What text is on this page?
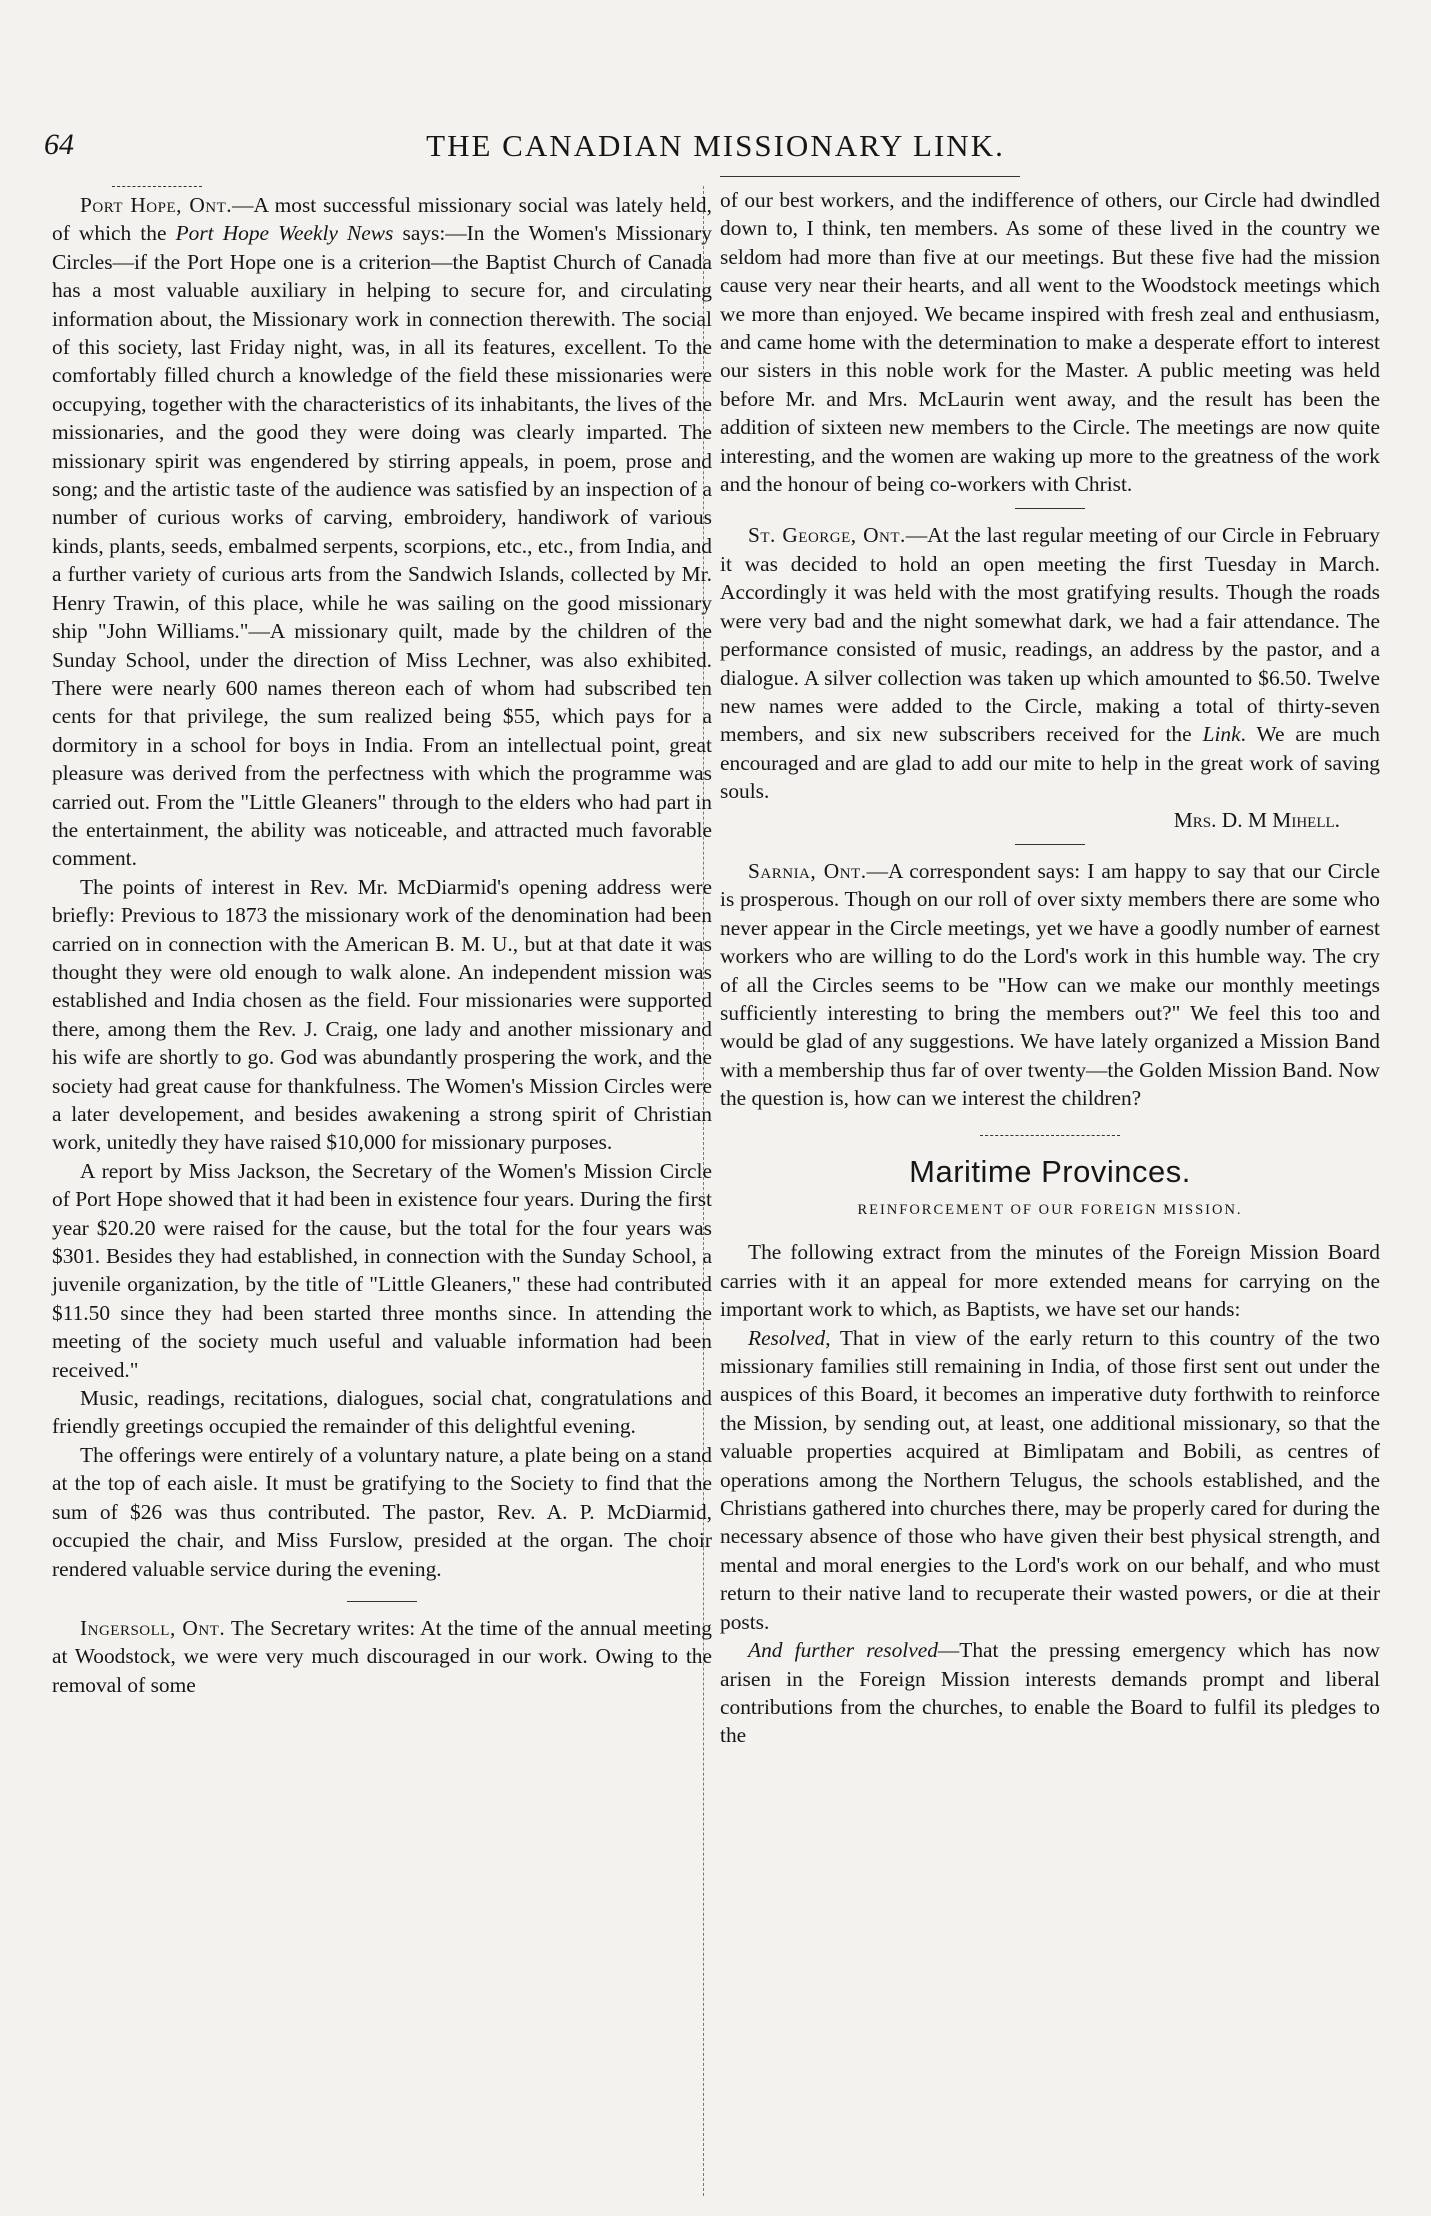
64	THE CANADIAN MISSIONARY LINK.

Port Hope, Ont.—A most successful missionary social was lately held, of which the Port Hope Weekly News says:—In the Women's Missionary Circles—if the Port Hope one is a criterion—the Baptist Church of Canada has a most valuable auxiliary in helping to secure for, and circulating information about, the Missionary work in connection therewith. The social of this society, last Friday night, was, in all its features, excellent. To the comfortably filled church a knowledge of the field these missionaries were occupying, together with the characteristics of its inhabitants, the lives of the missionaries, and the good they were doing was clearly imparted. The missionary spirit was engendered by stirring appeals, in poem, prose and song; and the artistic taste of the audience was satisfied by an inspection of a number of curious works of carving, embroidery, handiwork of various kinds, plants, seeds, embalmed serpents, scorpions, etc., etc., from India, and a further variety of curious arts from the Sandwich Islands, collected by Mr. Henry Trawin, of this place, while he was sailing on the good missionary ship "John Williams."—A missionary quilt, made by the children of the Sunday School, under the direction of Miss Lechner, was also exhibited. There were nearly 600 names thereon each of whom had subscribed ten cents for that privilege, the sum realized being $55, which pays for a dormitory in a school for boys in India. From an intellectual point, great pleasure was derived from the perfectness with which the programme was carried out. From the "Little Gleaners" through to the elders who had part in the entertainment, the ability was noticeable, and attracted much favorable comment.

The points of interest in Rev. Mr. McDiarmid's opening address were briefly: Previous to 1873 the missionary work of the denomination had been carried on in connection with the American B. M. U., but at that date it was thought they were old enough to walk alone. An independent mission was established and India chosen as the field. Four missionaries were supported there, among them the Rev. J. Craig, one lady and another missionary and his wife are shortly to go. God was abundantly prospering the work, and the society had great cause for thankfulness. The Women's Mission Circles were a later developement, and besides awakening a strong spirit of Christian work, unitedly they have raised $10,000 for missionary purposes.

A report by Miss Jackson, the Secretary of the Women's Mission Circle of Port Hope showed that it had been in existence four years. During the first year $20.20 were raised for the cause, but the total for the four years was $301. Besides they had established, in connection with the Sunday School, a juvenile organization, by the title of "Little Gleaners," these had contributed $11.50 since they had been started three months since. In attending the meeting of the society much useful and valuable information had been received."

Music, readings, recitations, dialogues, social chat, congratulations and friendly greetings occupied the remainder of this delightful evening.

The offerings were entirely of a voluntary nature, a plate being on a stand at the top of each aisle. It must be gratifying to the Society to find that the sum of $26 was thus contributed. The pastor, Rev. A. P. McDiarmid, occupied the chair, and Miss Furslow, presided at the organ. The choir rendered valuable service during the evening.

Ingersoll, Ont. The Secretary writes: At the time of the annual meeting at Woodstock, we were very much discouraged in our work. Owing to the removal of some

of our best workers, and the indifference of others, our Circle had dwindled down to, I think, ten members. As some of these lived in the country we seldom had more than five at our meetings. But these five had the mission cause very near their hearts, and all went to the Woodstock meetings which we more than enjoyed. We became inspired with fresh zeal and enthusiasm, and came home with the determination to make a desperate effort to interest our sisters in this noble work for the Master. A public meeting was held before Mr. and Mrs. McLaurin went away, and the result has been the addition of sixteen new members to the Circle. The meetings are now quite interesting, and the women are waking up more to the greatness of the work and the honour of being co-workers with Christ.

St. George, Ont.—At the last regular meeting of our Circle in February it was decided to hold an open meeting the first Tuesday in March. Accordingly it was held with the most gratifying results. Though the roads were very bad and the night somewhat dark, we had a fair attendance. The performance consisted of music, readings, an address by the pastor, and a dialogue. A silver collection was taken up which amounted to $6.50. Twelve new names were added to the Circle, making a total of thirty-seven members, and six new subscribers received for the Link. We are much encouraged and are glad to add our mite to help in the great work of saving souls.

Mrs. D. M Mihell.

Sarnia, Ont.—A correspondent says: I am happy to say that our Circle is prosperous. Though on our roll of over sixty members there are some who never appear in the Circle meetings, yet we have a goodly number of earnest workers who are willing to do the Lord's work in this humble way. The cry of all the Circles seems to be "How can we make our monthly meetings sufficiently interesting to bring the members out?" We feel this too and would be glad of any suggestions. We have lately organized a Mission Band with a membership thus far of over twenty—the Golden Mission Band. Now the question is, how can we interest the children?

Maritime Provinces.
REINFORCEMENT OF OUR FOREIGN MISSION.

The following extract from the minutes of the Foreign Mission Board carries with it an appeal for more extended means for carrying on the important work to which, as Baptists, we have set our hands:

Resolved, That in view of the early return to this country of the two missionary families still remaining in India, of those first sent out under the auspices of this Board, it becomes an imperative duty forthwith to reinforce the Mission, by sending out, at least, one additional missionary, so that the valuable properties acquired at Bimlipatam and Bobili, as centres of operations among the Northern Telugus, the schools established, and the Christians gathered into churches there, may be properly cared for during the necessary absence of those who have given their best physical strength, and mental and moral energies to the Lord's work on our behalf, and who must return to their native land to recuperate their wasted powers, or die at their posts.

And further resolved—That the pressing emergency which has now arisen in the Foreign Mission interests demands prompt and liberal contributions from the churches, to enable the Board to fulfil its pledges to the
